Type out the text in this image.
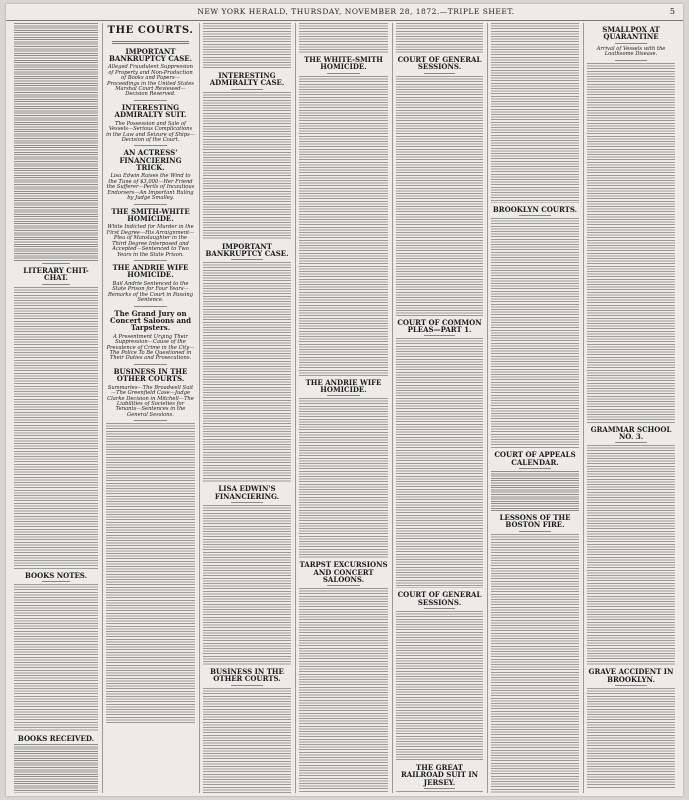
NEW YORK HERALD, THURSDAY, NOVEMBER 28, 1872.—TRIPLE SHEET.	5
LITERARY CHIT-CHAT.
BOOKS NOTES.
BOOKS RECEIVED.
THE COURTS.
IMPORTANT BANKRUPTCY CASE.
Alleged Fraudulent Suppression of Property and Non-Production of Books and Papers—Proceedings in the United States Marshal Court Reviewed—Decision Reserved.
INTERESTING ADMIRALTY SUIT.
The Possession and Sale of Vessels—Serious Complications in the Law and Seizure of Ships—Decision of the Court.
AN ACTRESS' FINANCIERING TRICK.
Lisa Edwin Raises the Wind to the Tune of $3,000—Her Friend the Sufferer—Perils of Incautious Endorsers—An Important Ruling by Judge Smalley.
THE SMITH-WHITE HOMICIDE.
White Indicted for Murder in the First Degree—His Arraignment—Plea of Manslaughter in the Third Degree Interposed and Accepted—Sentenced to Two Years in the State Prison.
THE ANDRIE WIFE HOMICIDE.
Bail Andrie Sentenced to the State Prison for Four Years—Remarks of the Court in Passing Sentence.
The Grand Jury on Concert Saloons and Tarpsters.
A Presentment Urging Their Suppression—Cause of the Prevalence of Crime in the City—The Police To Be Questioned in Their Duties and Prosecutions.
BUSINESS IN THE OTHER COURTS.
Summaries—The Broadwell Suit—The Greenfield Case—Judge Clarke Decision in Mitchell—The Liabilities of Societies for Tenants—Sentences in the General Sessions.
INTERESTING ADMIRALTY CASE.
IMPORTANT BANKRUPTCY CASE.
LISA EDWIN'S FINANCIERING.
BUSINESS IN THE OTHER COURTS.
THE WHITE-SMITH HOMICIDE.
THE ANDRIE WIFE HOMICIDE.
TARPST EXCURSIONS AND CONCERT SALOONS.
COURT OF GENERAL SESSIONS.
COURT OF COMMON PLEAS—PART 1.
COURT OF GENERAL SESSIONS.
THE GREAT RAILROAD SUIT IN JERSEY.
BROOKLYN COURTS.
COURT OF APPEALS CALENDAR.
LESSONS OF THE BOSTON FIRE.
SMALLPOX AT QUARANTINE
Arrival of Vessels with the Loathsome Disease.
GRAMMAR SCHOOL NO. 3.
GRAVE ACCIDENT IN BROOKLYN.
